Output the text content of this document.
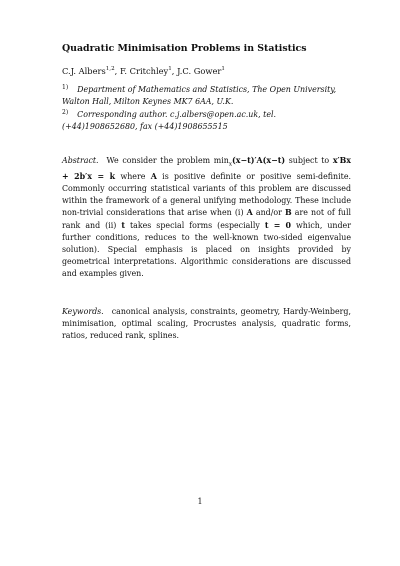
Quadratic Minimisation Problems in Statistics

C.J. Albers$^{1,2}$, F. Critchley$^1$, J.C. Gower$^1$

$^{1)}$ Department of Mathematics and Statistics, The Open University, Walton Hall, Milton Keynes MK7 6AA, U.K.

$^{2)}$ Corresponding author. c.j.albers@open.ac.uk, tel. (+44)1908652680, fax (+44)1908655515

Abstract. We consider the problem $\min_x(x-t)'A(x-t)$ subject to x′Bx + 2b′x = k where A is positive definite or positive semi-definite. Commonly occurring statistical variants of this problem are discussed within the framework of a general unifying methodology. These include non-trivial considerations that arise when (i) A and/or B are not of full rank and (ii) t takes special forms (especially t = 0 which, under further conditions, reduces to the well-known two-sided eigenvalue solution). Special emphasis is placed on insights provided by geometrical interpretations. Algorithmic considerations are discussed and examples given.

Keywords. canonical analysis, constraints, geometry, Hardy-Weinberg, minimisation, optimal scaling, Procrustes analysis, quadratic forms, ratios, reduced rank, splines.

1
